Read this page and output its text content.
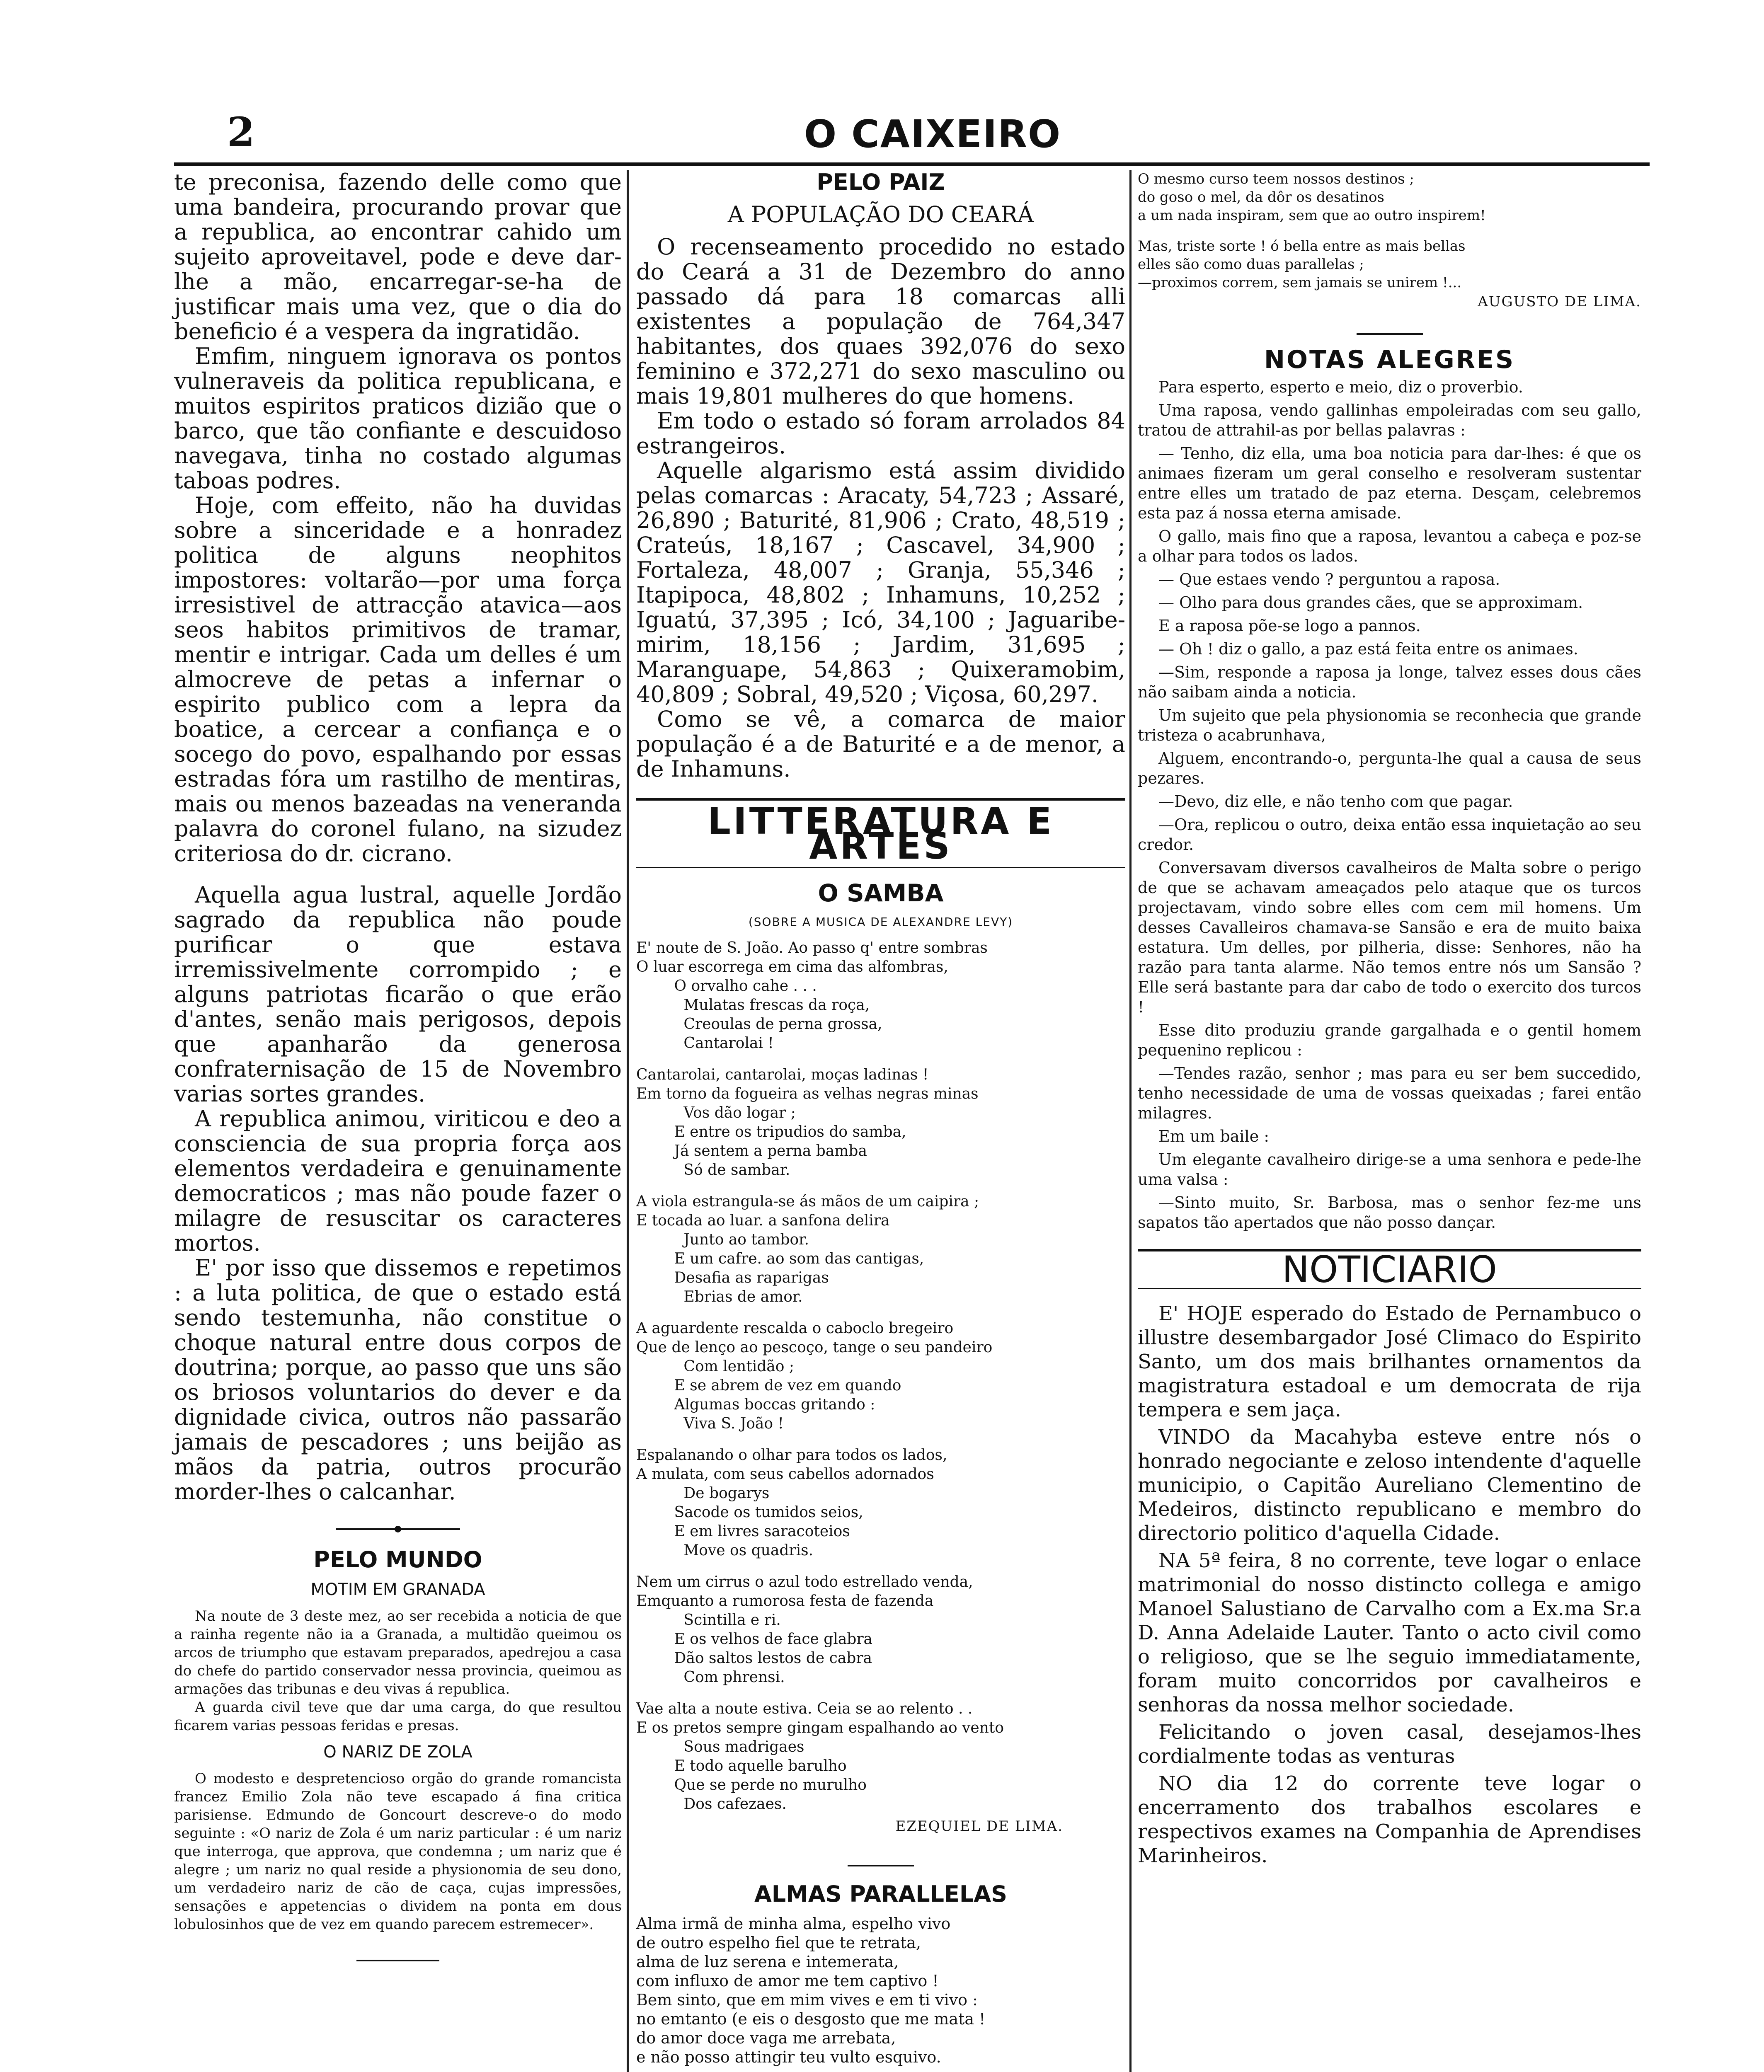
2	O CAIXEIRO

te preconisa, fazendo delle como que uma bandeira, procurando provar que a republica, ao encontrar cahido um sujeito aproveitavel, pode e deve dar-lhe a mão, encarregar-se-ha de justificar mais uma vez, que o dia do beneficio é a vespera da ingratidão.

Emfim, ninguem ignorava os pontos vulneraveis da politica republicana, e muitos espiritos praticos dizião que o barco, que tão confiante e descuidoso navegava, tinha no costado algumas taboas podres.

Hoje, com effeito, não ha duvidas sobre a sinceridade e a honradez politica de alguns neophitos impostores: voltarão—por uma força irresistivel de attracção atavica—aos seos habitos primitivos de tramar, mentir e intrigar. Cada um delles é um almocreve de petas a infernar o espirito publico com a lepra da boatice, a cercear a confiança e o socego do povo, espalhando por essas estradas fóra um rastilho de mentiras, mais ou menos bazeadas na veneranda palavra do coronel fulano, na sizudez criteriosa do dr. cicrano.

Aquella agua lustral, aquelle Jordão sagrado da republica não poude purificar o que estava irremissivelmente corrompido ; e alguns patriotas ficarão o que erão d'antes, senão mais perigosos, depois que apanharão da generosa confraternisação de 15 de Novembro varias sortes grandes.

A republica animou, viriticou e deo a consciencia de sua propria força aos elementos verdadeira e genuinamente democraticos ; mas não poude fazer o milagre de resuscitar os caracteres mortos.

E' por isso que dissemos e repetimos : a luta politica, de que o estado está sendo testemunha, não constitue o choque natural entre dous corpos de doutrina; porque, ao passo que uns são os briosos voluntarios do dever e da dignidade civica, outros não passarão jamais de pescadores ; uns beijão as mãos da patria, outros procurão morder-lhes o calcanhar.

PELO MUNDO
MOTIM EM GRANADA

Na noute de 3 deste mez, ao ser recebida a noticia de que a rainha regente não ia a Granada, a multidão queimou os arcos de triumpho que estavam preparados, apedrejou a casa do chefe do partido conservador nessa provincia, queimou as armações das tribunas e deu vivas á republica.

A guarda civil teve que dar uma carga, do que resultou ficarem varias pessoas feridas e presas.

O NARIZ DE ZOLA

O modesto e despretencioso orgão do grande romancista francez Emilio Zola não teve escapado á fina critica parisiense. Edmundo de Goncourt descreve-o do modo seguinte : «O nariz de Zola é um nariz particular : é um nariz que interroga, que approva, que condemna ; um nariz que é alegre ; um nariz no qual reside a physionomia de seu dono, um verdadeiro nariz de cão de caça, cujas impressões, sensações e appetencias o dividem na ponta em dous lobulosinhos que de vez em quando parecem estremecer».

PELO PAIZ
A POPULAÇÃO DO CEARÁ

O recenseamento procedido no estado do Ceará a 31 de Dezembro do anno passado dá para 18 comarcas alli existentes a população de 764,347 habitantes, dos quaes 392,076 do sexo feminino e 372,271 do sexo masculino ou mais 19,801 mulheres do que homens.

Em todo o estado só foram arrolados 84 estrangeiros.

Aquelle algarismo está assim dividido pelas comarcas : Aracaty, 54,723 ; Assaré, 26,890 ; Baturité, 81,906 ; Crato, 48,519 ; Crateús, 18,167 ; Cascavel, 34,900 ; Fortaleza, 48,007 ; Granja, 55,346 ; Itapipoca, 48,802 ; Inhamuns, 10,252 ; Iguatú, 37,395 ; Icó, 34,100 ; Jaguaribe-mirim, 18,156 ; Jardim, 31,695 ; Maranguape, 54,863 ; Quixeramobim, 40,809 ; Sobral, 49,520 ; Viçosa, 60,297.

Como se vê, a comarca de maior população é a de Baturité e a de menor, a de Inhamuns.

LITTERATURA E ARTES
O SAMBA
(SOBRE A MUSICA DE ALEXANDRE LEVY)
E' noute de S. João. Ao passo q' entre sombras
O luar escorrega em cima das alfombras,
O orvalho cahe . . .
Mulatas frescas da roça,
Creoulas de perna grossa,
Cantarolai !
Cantarolai, cantarolai, moças ladinas !
Em torno da fogueira as velhas negras minas
Vos dão logar ;
E entre os tripudios do samba,
Já sentem a perna bamba
Só de sambar.
A viola estrangula-se ás mãos de um caipira ;
E tocada ao luar. a sanfona delira
Junto ao tambor.
E um cafre. ao som das cantigas,
Desafia as raparigas
Ebrias de amor.
A aguardente rescalda o caboclo bregeiro
Que de lenço ao pescoço, tange o seu pandeiro
Com lentidão ;
E se abrem de vez em quando
Algumas boccas gritando :
Viva S. João !
Espalanando o olhar para todos os lados,
A mulata, com seus cabellos adornados
De bogarys
Sacode os tumidos seios,
E em livres saracoteios
Move os quadris.
Nem um cirrus o azul todo estrellado venda,
Emquanto a rumorosa festa de fazenda
Scintilla e ri.
E os velhos de face glabra
Dão saltos lestos de cabra
Com phrensi.
Vae alta a noute estiva. Ceia se ao relento . .
E os pretos sempre gingam espalhando ao vento
Sous madrigaes
E todo aquelle barulho
Que se perde no murulho
Dos cafezaes.
EZEQUIEL DE LIMA.
ALMAS PARALLELAS
Alma irmã de minha alma, espelho vivo
de outro espelho fiel que te retrata,
alma de luz serena e intemerata,
com influxo de amor me tem captivo !
Bem sinto, que em mim vives e em ti vivo :
no emtanto (e eis o desgosto que me mata !
do amor doce vaga me arrebata,
e não posso attingir teu vulto esquivo.
O mesmo curso teem nossos destinos ;
do goso o mel, da dôr os desatinos
a um nada inspiram, sem que ao outro inspirem!
Mas, triste sorte ! ó bella entre as mais bellas
elles são como duas parallelas ;
—proximos correm, sem jamais se unirem !...
AUGUSTO DE LIMA.
NOTAS ALEGRES

Para esperto, esperto e meio, diz o proverbio.

Uma raposa, vendo gallinhas empoleiradas com seu gallo, tratou de attrahil-as por bellas palavras :

— Tenho, diz ella, uma boa noticia para dar-lhes: é que os animaes fizeram um geral conselho e resolveram sustentar entre elles um tratado de paz eterna. Desçam, celebremos esta paz á nossa eterna amisade.

O gallo, mais fino que a raposa, levantou a cabeça e poz-se a olhar para todos os lados.

— Que estaes vendo ? perguntou a raposa.

— Olho para dous grandes cães, que se approximam.

E a raposa põe-se logo a pannos.

— Oh ! diz o gallo, a paz está feita entre os animaes.

—Sim, responde a raposa ja longe, talvez esses dous cães não saibam ainda a noticia.

Um sujeito que pela physionomia se reconhecia que grande tristeza o acabrunhava,

Alguem, encontrando-o, pergunta-lhe qual a causa de seus pezares.

—Devo, diz elle, e não tenho com que pagar.

—Ora, replicou o outro, deixa então essa inquietação ao seu credor.

Conversavam diversos cavalheiros de Malta sobre o perigo de que se achavam ameaçados pelo ataque que os turcos projectavam, vindo sobre elles com cem mil homens. Um desses Cavalleiros chamava-se Sansão e era de muito baixa estatura. Um delles, por pilheria, disse: Senhores, não ha razão para tanta alarme. Não temos entre nós um Sansão ? Elle será bastante para dar cabo de todo o exercito dos turcos !

Esse dito produziu grande gargalhada e o gentil homem pequenino replicou :

—Tendes razão, senhor ; mas para eu ser bem succedido, tenho necessidade de uma de vossas queixadas ; farei então milagres.

Em um baile :

Um elegante cavalheiro dirige-se a uma senhora e pede-lhe uma valsa :

—Sinto muito, Sr. Barbosa, mas o senhor fez-me uns sapatos tão apertados que não posso dançar.

NOTICIARIO

E' HOJE esperado do Estado de Pernambuco o illustre desembargador José Climaco do Espirito Santo, um dos mais brilhantes ornamentos da magistratura estadoal e um democrata de rija tempera e sem jaça.

VINDO da Macahyba esteve entre nós o honrado negociante e zeloso intendente d'aquelle municipio, o Capitão Aureliano Clementino de Medeiros, distincto republicano e membro do directorio politico d'aquella Cidade.

NA 5ª feira, 8 no corrente, teve logar o enlace matrimonial do nosso distincto collega e amigo Manoel Salustiano de Carvalho com a Ex.ma Sr.a D. Anna Adelaide Lauter. Tanto o acto civil como o religioso, que se lhe seguio immediatamente, foram muito concorridos por cavalheiros e senhoras da nossa melhor sociedade.

Felicitando o joven casal, desejamos-lhes cordialmente todas as venturas

NO dia 12 do corrente teve logar o encerramento dos trabalhos escolares e respectivos exames na Companhia de Aprendises Marinheiros.
